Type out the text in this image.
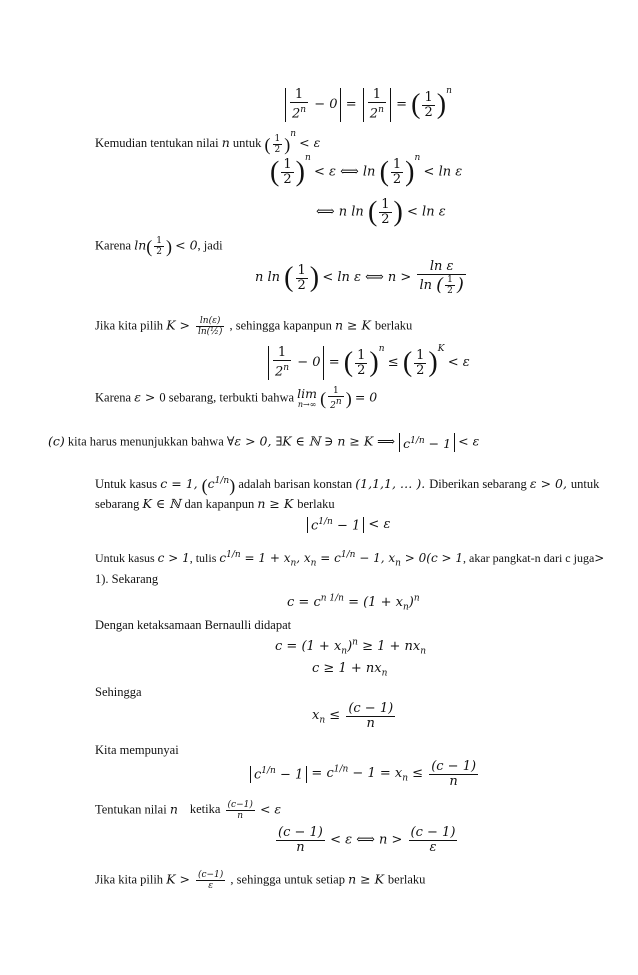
$\frac{1}{2^n} - 0 = \frac{1}{2^n}$ = ( $\frac{1}{2} )^n$
Kemudian tentukan nilai n untuk ( $\frac{1}{2} )^n < \varepsilon$
( $\frac{1}{2} )^n < \varepsilon$ ⟺ ln ( $\frac{1}{2} )^n < \ln \varepsilon$
⟺ n ln ( $\frac{1}{2}$ ) < ln ε
Karena $\ln( \frac{1}{2}$ ) < 0, jadi
n ln ( $\frac{1}{2}$ ) < ln ε ⟺ $n > \frac{\text{ln ε}}{\ln ( \frac{1}{2} )}$
Jika kita pilih $K > \frac{\ln(\varepsilon)}{\text{ln(½)}}$ , sehingga kapanpun n ≥ K berlaku
$\frac{1}{2^n} - 0$ = ( $\frac{1}{2} )^n$ ≤ ( $\frac{1}{2} )^K < \varepsilon$
Karena ε > 0 sebarang, terbukti bahwa lim
n→∞ ( $\frac{1}{2^n}$ ) = 0
(c) kita harus menunjukkan bahwa ∀ε > 0, ∃K ∈ ℕ ∋ n ≥ K ⟹ $c^{1/n} - 1 < \varepsilon$
Untuk kasus c = 1, $(c^{1/n})$ adalah barisan konstan (1,1,1, … ). Diberikan sebarang ε > 0, untuk
sebarang K ∈ ℕ dan kapanpun n ≥ K berlaku
$c^{1/n} - 1 < \varepsilon$
Untuk kasus c > 1, tulis $c^{1/n} = 1 + x_n$, $x_n = c^{1/n} - 1$, $x_n > 0(c > 1$, akar pangkat-n dari c juga>
1). Sekarang
$c = c^{n 1/n} = (1 + x_n)^n$
Dengan ketaksamaan Bernaulli didapat
$c = (1 + x_n)^n \ge 1 + nx_n$
$c \ge 1 + nx_n$
Sehingga
$x_n \le \frac{(c - 1)}{n}$
Kita mempunyai
$c^{1/n} - 1 = c^{1/n} - 1 = x_n \le \frac{(c - 1)}{n}$
Tentukan nilai n ketika $\frac{(c-1)}{n} < \varepsilon$
$\frac{(c - 1)}{n} < \varepsilon$ ⟺ $n > \frac{(c - 1)}{\varepsilon}$
Jika kita pilih $K > \frac{(c-1)}{\varepsilon}$ , sehingga untuk setiap n ≥ K berlaku
